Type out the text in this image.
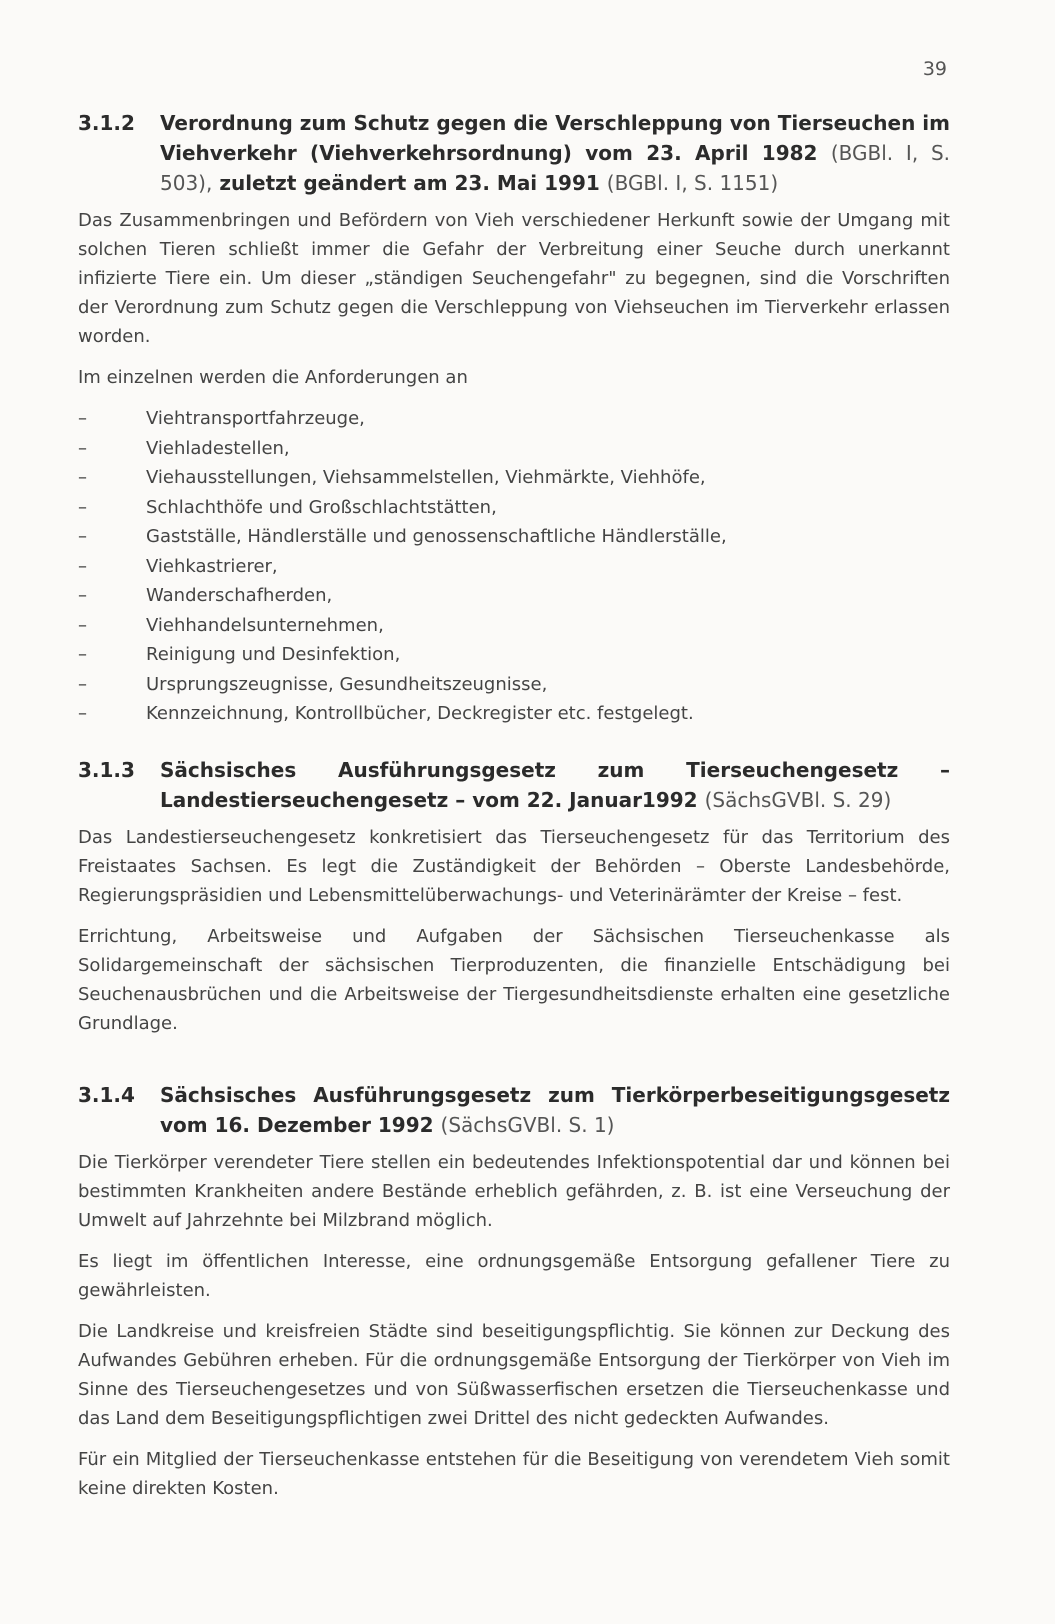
39
3.1.2	Verordnung zum Schutz gegen die Verschleppung von Tierseuchen im Viehverkehr (Viehverkehrsordnung) vom 23. April 1982 (BGBl. I, S. 503), zuletzt geändert am 23. Mai 1991 (BGBl. I, S. 1151)

Das Zusammenbringen und Befördern von Vieh verschiedener Herkunft sowie der Umgang mit solchen Tieren schließt immer die Gefahr der Verbreitung einer Seuche durch unerkannt infizierte Tiere ein. Um dieser „ständigen Seuchengefahr" zu begegnen, sind die Vorschriften der Verordnung zum Schutz gegen die Verschleppung von Viehseuchen im Tierverkehr erlassen worden.

Im einzelnen werden die Anforderungen an

–	Viehtransportfahrzeuge,
–	Viehladestellen,
–	Viehausstellungen, Viehsammelstellen, Viehmärkte, Viehhöfe,
–	Schlachthöfe und Großschlachtstätten,
–	Gastställe, Händlerställe und genossenschaftliche Händlerställe,
–	Viehkastrierer,
–	Wanderschafherden,
–	Viehhandelsunternehmen,
–	Reinigung und Desinfektion,
–	Ursprungszeugnisse, Gesundheitszeugnisse,
–	Kennzeichnung, Kontrollbücher, Deckregister etc. festgelegt.
3.1.3	Sächsisches Ausführungsgesetz zum Tierseuchengesetz – Landestierseuchengesetz – vom 22. Januar1992 (SächsGVBl. S. 29)

Das Landestierseuchengesetz konkretisiert das Tierseuchengesetz für das Territorium des Freistaates Sachsen. Es legt die Zuständigkeit der Behörden – Oberste Landesbehörde, Regierungspräsidien und Lebensmittelüberwachungs- und Veterinärämter der Kreise – fest.

Errichtung, Arbeitsweise und Aufgaben der Sächsischen Tierseuchenkasse als Solidargemeinschaft der sächsischen Tierproduzenten, die finanzielle Entschädigung bei Seuchenausbrüchen und die Arbeitsweise der Tiergesundheitsdienste erhalten eine gesetzliche Grundlage.

3.1.4	Sächsisches Ausführungsgesetz zum Tierkörperbeseitigungsgesetz vom 16. Dezember 1992 (SächsGVBl. S. 1)

Die Tierkörper verendeter Tiere stellen ein bedeutendes Infektionspotential dar und können bei bestimmten Krankheiten andere Bestände erheblich gefährden, z. B. ist eine Verseuchung der Umwelt auf Jahrzehnte bei Milzbrand möglich.

Es liegt im öffentlichen Interesse, eine ordnungsgemäße Entsorgung gefallener Tiere zu gewährleisten.

Die Landkreise und kreisfreien Städte sind beseitigungspflichtig. Sie können zur Deckung des Aufwandes Gebühren erheben. Für die ordnungsgemäße Entsorgung der Tierkörper von Vieh im Sinne des Tierseuchengesetzes und von Süßwasserfischen ersetzen die Tierseuchenkasse und das Land dem Beseitigungspflichtigen zwei Drittel des nicht gedeckten Aufwandes.

Für ein Mitglied der Tierseuchenkasse entstehen für die Beseitigung von verendetem Vieh somit keine direkten Kosten.
